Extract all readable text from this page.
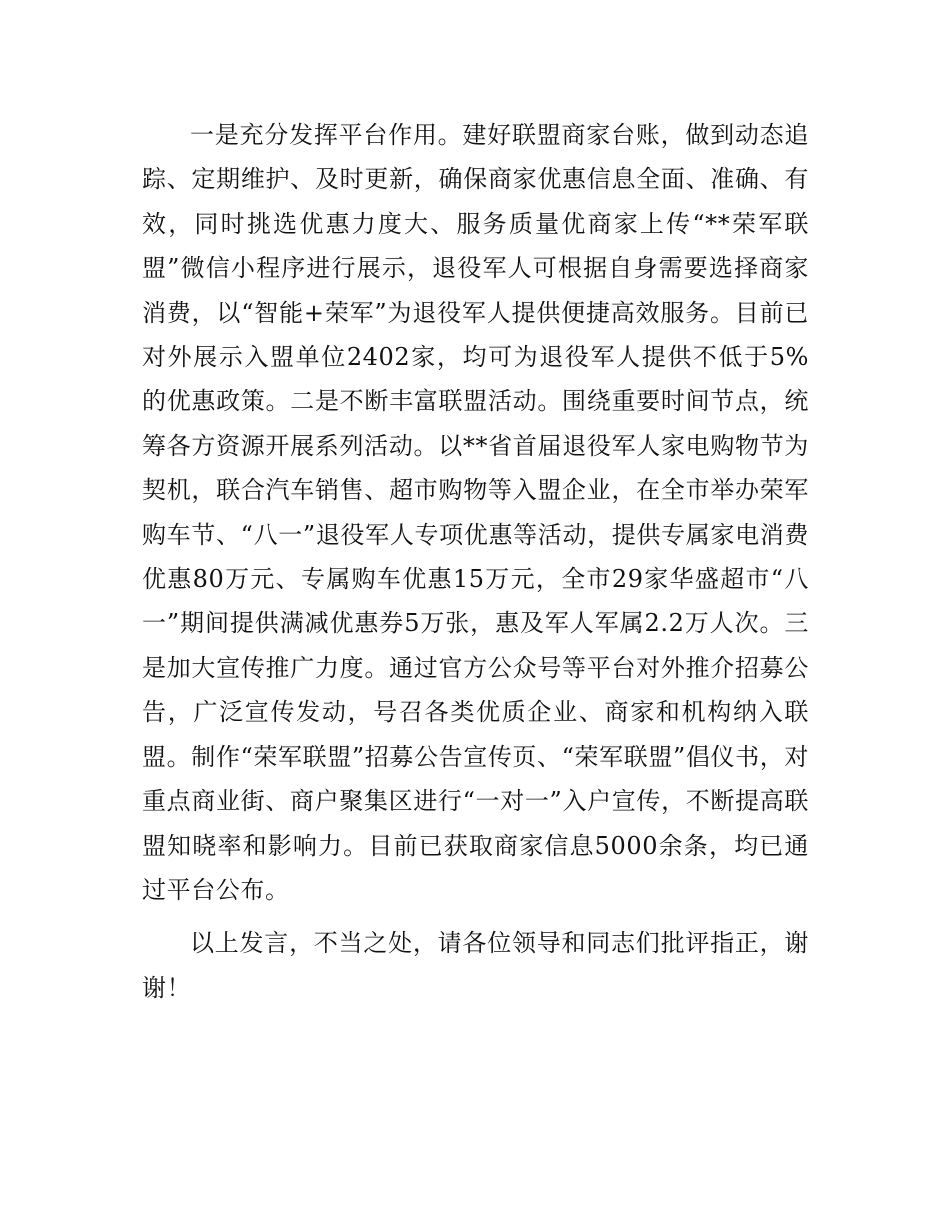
一是充分发挥平台作用。建好联盟商家台账，做到动态追踪、定期维护、及时更新，确保商家优惠信息全面、准确、有效，同时挑选优惠力度大、服务质量优商家上传“**荣军联盟”微信小程序进行展示，退役军人可根据自身需要选择商家消费，以“智能+荣军”为退役军人提供便捷高效服务。目前已对外展示入盟单位2402家，均可为退役军人提供不低于5%的优惠政策。二是不断丰富联盟活动。围绕重要时间节点，统筹各方资源开展系列活动。以**省首届退役军人家电购物节为契机，联合汽车销售、超市购物等入盟企业，在全市举办荣军购车节、“八一”退役军人专项优惠等活动，提供专属家电消费优惠80万元、专属购车优惠15万元，全市29家华盛超市“八一”期间提供满减优惠券5万张，惠及军人军属2.2万人次。三是加大宣传推广力度。通过官方公众号等平台对外推介招募公告，广泛宣传发动，号召各类优质企业、商家和机构纳入联盟。制作“荣军联盟”招募公告宣传页、“荣军联盟”倡仪书，对重点商业街、商户聚集区进行“一对一”入户宣传，不断提高联盟知晓率和影响力。目前已获取商家信息5000余条，均已通过平台公布。

以上发言，不当之处，请各位领导和同志们批评指正，谢谢！
